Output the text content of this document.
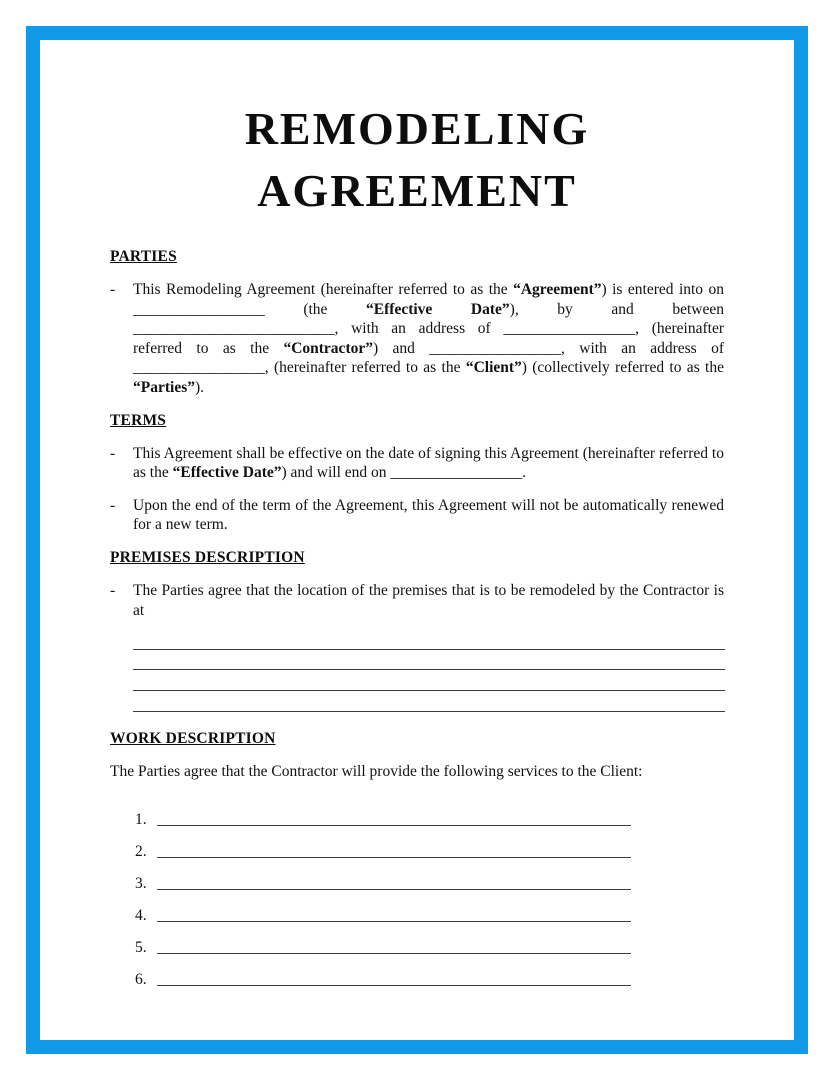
REMODELING
AGREEMENT
PARTIES
-	This Remodeling Agreement (hereinafter referred to as the “Agreement”) is entered into on _________________ (the “Effective Date”), by and between __________________________, with an address of _________________, (hereinafter referred to as the “Contractor”) and _________________, with an address of _________________, (hereinafter referred to as the “Client”) (collectively referred to as the “Parties”).
TERMS
-	This Agreement shall be effective on the date of signing this Agreement (hereinafter referred to as the “Effective Date”) and will end on _________________.
-	Upon the end of the term of the Agreement, this Agreement will not be automatically renewed for a new term.
PREMISES DESCRIPTION
-	The Parties agree that the location of the premises that is to be remodeled by the Contractor is at
WORK DESCRIPTION

The Parties agree that the Contractor will provide the following services to the Client:

1.
2.
3.
4.
5.
6.
